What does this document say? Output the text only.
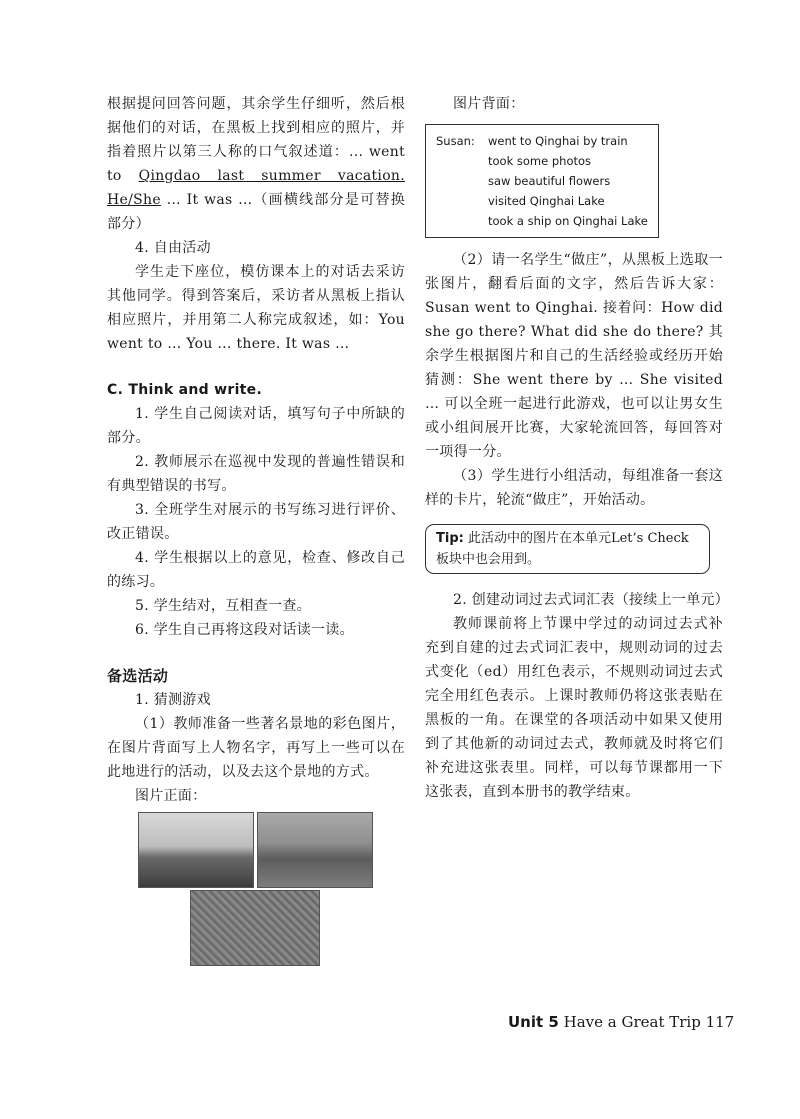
根据提问回答问题，其余学生仔细听，然后根据他们的对话，在黑板上找到相应的照片，并指着照片以第三人称的口气叙述道：... went to Qingdao last summer vacation. He/She … It was …（画横线部分是可替换部分）

4. 自由活动

学生走下座位，模仿课本上的对话去采访其他同学。得到答案后，采访者从黑板上指认相应照片，并用第二人称完成叙述，如：You went to … You … there. It was …

C. Think and write.

1. 学生自己阅读对话，填写句子中所缺的部分。

2. 教师展示在巡视中发现的普遍性错误和有典型错误的书写。

3. 全班学生对展示的书写练习进行评价、改正错误。

4. 学生根据以上的意见，检查、修改自己的练习。

5. 学生结对，互相查一查。

6. 学生自己再将这段对话读一读。

备选活动

1. 猜测游戏

（1）教师准备一些著名景地的彩色图片，在图片背面写上人物名字，再写上一些可以在此地进行的活动，以及去这个景地的方式。

图片正面：

图片背面：

Susan:	went to Qinghai by train
took some photos
saw beautiful flowers
visited Qinghai Lake
took a ship on Qinghai Lake

（2）请一名学生“做庄”，从黑板上选取一张图片，翻看后面的文字，然后告诉大家：Susan went to Qinghai. 接着问：How did she go there? What did she do there? 其余学生根据图片和自己的生活经验或经历开始猜测：She went there by … She visited … 可以全班一起进行此游戏，也可以让男女生或小组间展开比赛，大家轮流回答，每回答对一项得一分。

（3）学生进行小组活动，每组准备一套这样的卡片，轮流“做庄”，开始活动。

Tip: 此活动中的图片在本单元Let’s Check板块中也会用到。

2. 创建动词过去式词汇表（接续上一单元）

教师课前将上节课中学过的动词过去式补充到自建的过去式词汇表中，规则动词的过去式变化（ed）用红色表示，不规则动词过去式完全用红色表示。上课时教师仍将这张表贴在黑板的一角。在课堂的各项活动中如果又使用到了其他新的动词过去式，教师就及时将它们补充进这张表里。同样，可以每节课都用一下这张表，直到本册书的教学结束。

Unit 5 Have a Great Trip 117
